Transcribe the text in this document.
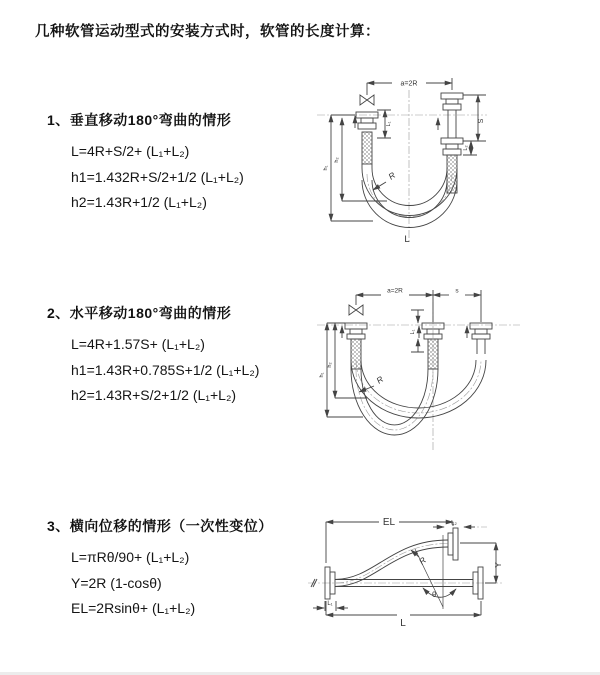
几种软管运动型式的安装方式时，软管的长度计算：
1、垂直移动180°弯曲的情形
L=4R+S/2+ (L₁+L₂)
h1=1.432R+S/2+1/2 (L₁+L₂)
h2=1.43R+1/2 (L₁+L₂)
2、水平移动180°弯曲的情形
L=4R+1.57S+ (L₁+L₂)
h1=1.43R+0.785S+1/2 (L₁+L₂)
h2=1.43R+S/2+1/2 (L₁+L₂)
3、横向位移的情形（一次性变位）
L=πRθ/90+ (L₁+L₂)
Y=2R (1-cosθ)
EL=2Rsinθ+ (L₁+L₂)
a=2R
S
L₂
L₁
h₁
h₂
R
L
a=2R	s
L₁
h₁
h₂
R
EL	L₂
Y
L₁
L
R
θ
